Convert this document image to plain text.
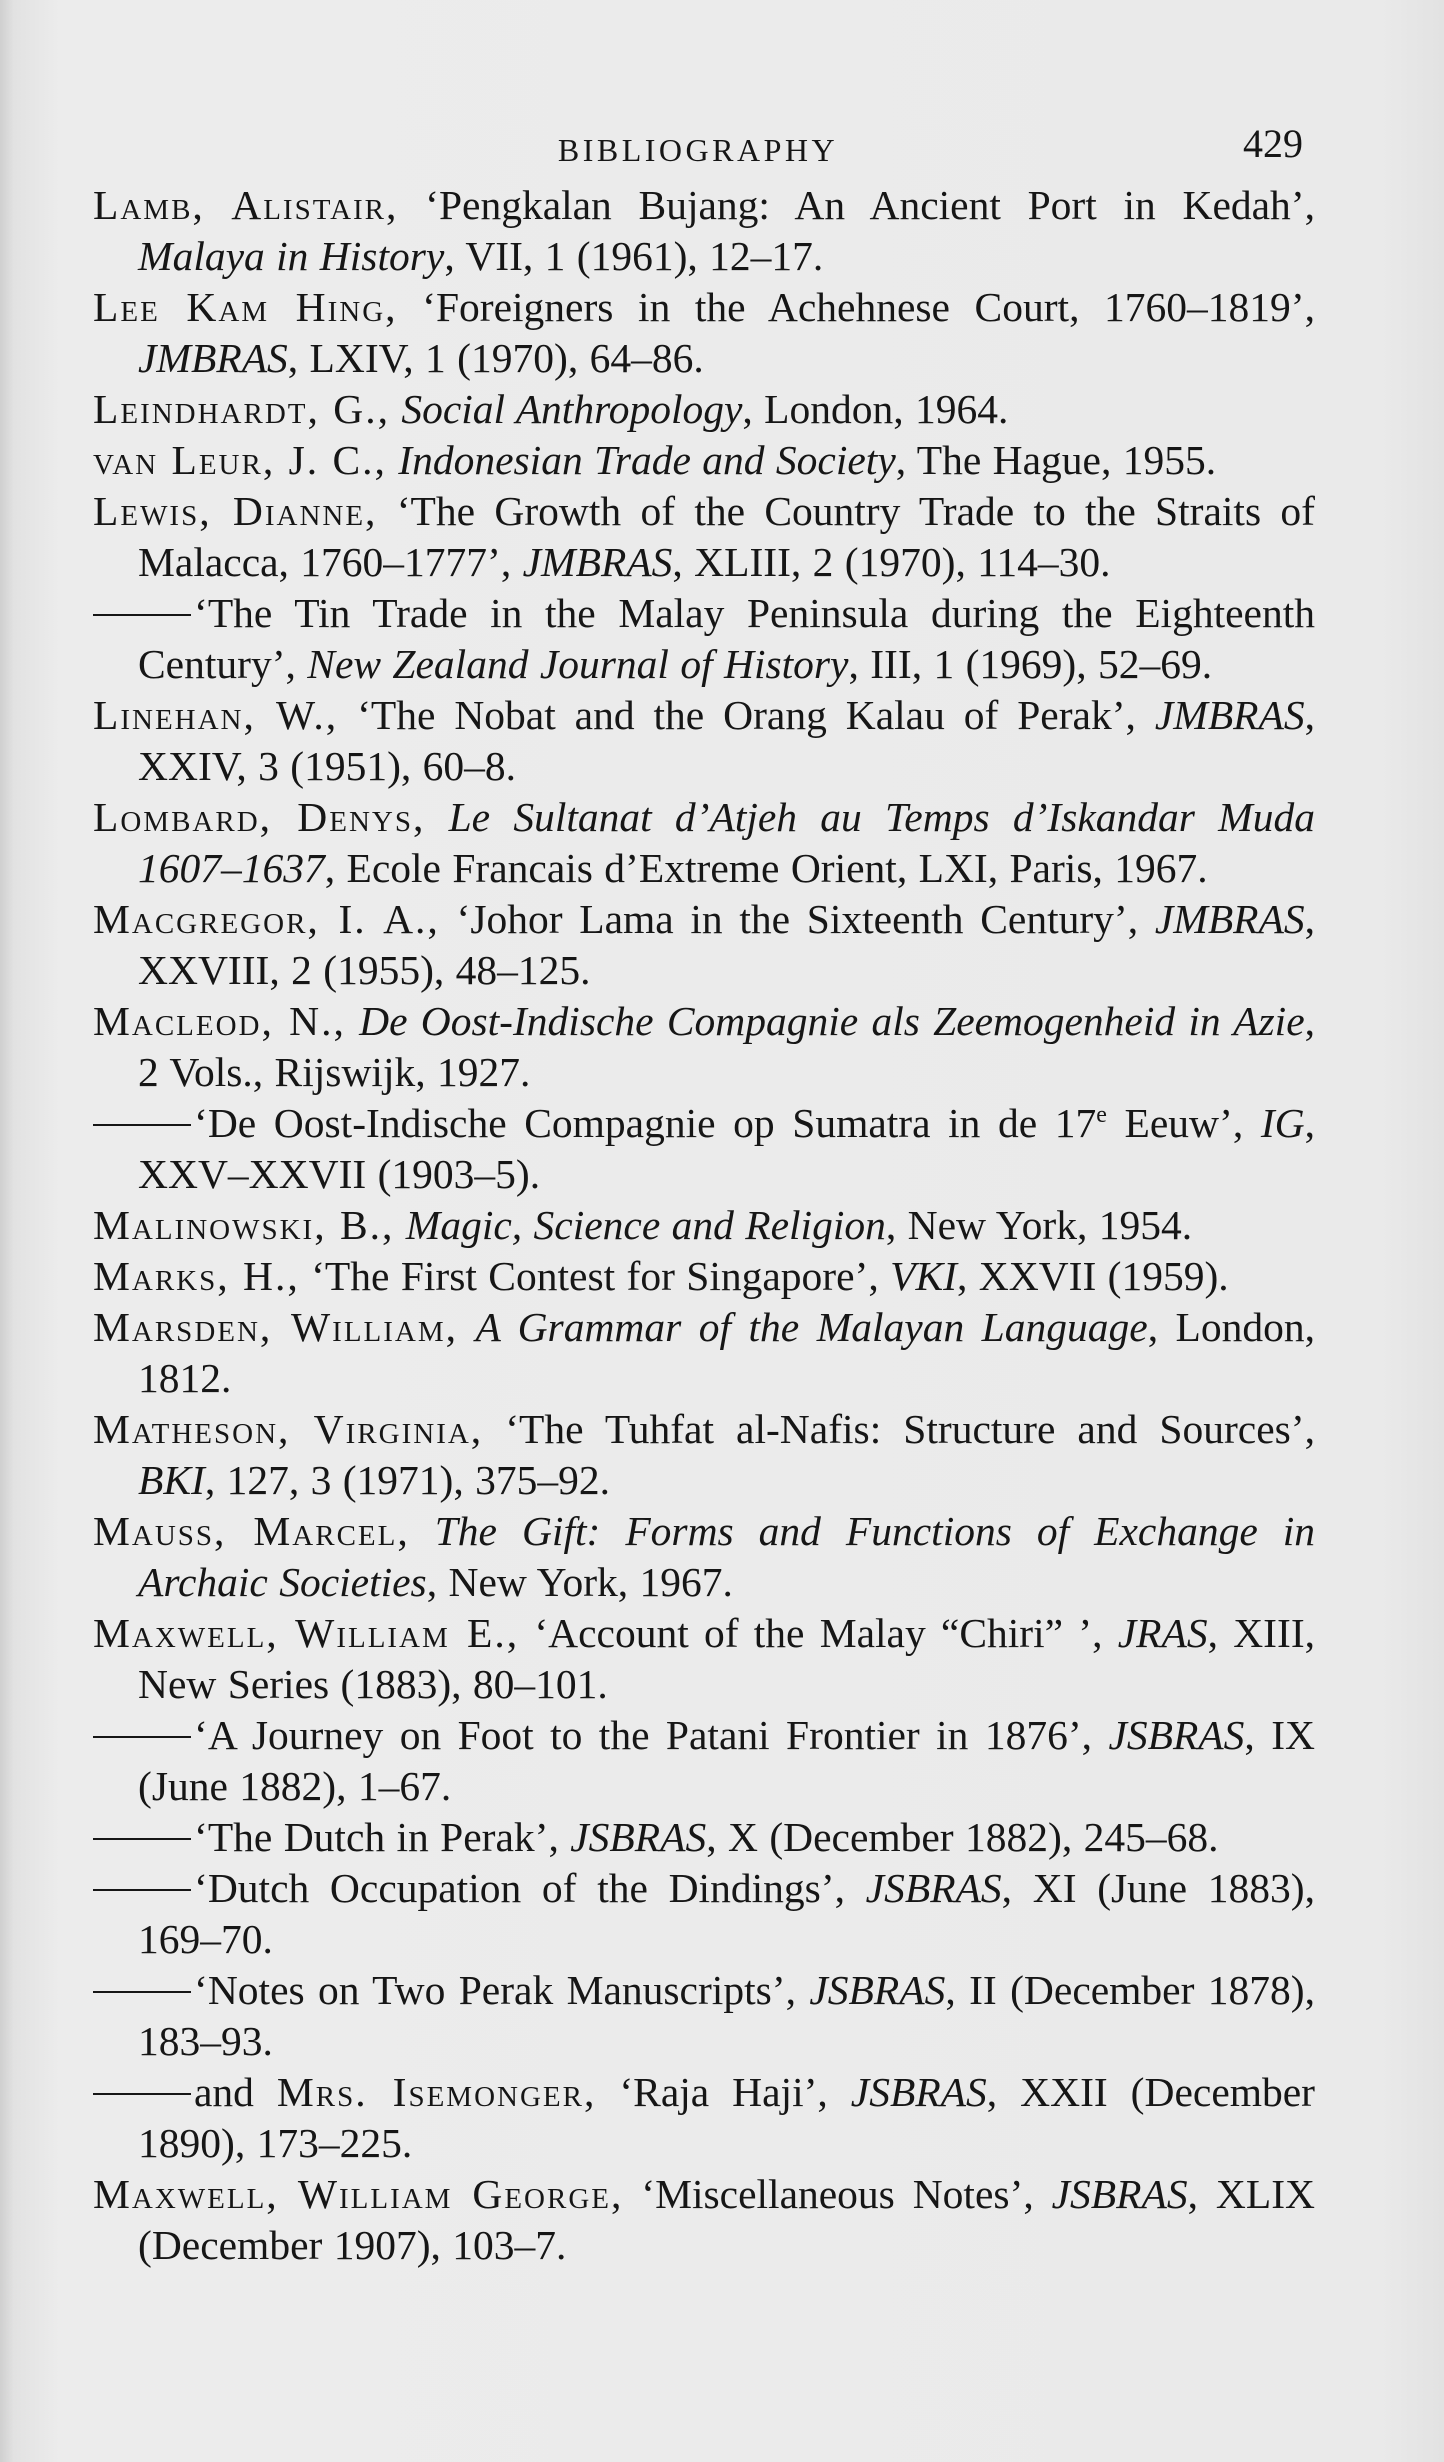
BIBLIOGRAPHY	429

Lamb, Alistair, ‘Pengkalan Bujang: An Ancient Port in Kedah’, Malaya in History, VII, 1 (1961), 12–17.

Lee Kam Hing, ‘Foreigners in the Achehnese Court, 1760–1819’, JMBRAS, LXIV, 1 (1970), 64–86.

Leindhardt, G., Social Anthropology, London, 1964.

van Leur, J. C., Indonesian Trade and Society, The Hague, 1955.

Lewis, Dianne, ‘The Growth of the Country Trade to the Straits of Malacca, 1760–1777’, JMBRAS, XLIII, 2 (1970), 114–30.

‘The Tin Trade in the Malay Peninsula during the Eighteenth Century’, New Zealand Journal of History, III, 1 (1969), 52–69.

Linehan, W., ‘The Nobat and the Orang Kalau of Perak’, JMBRAS, XXIV, 3 (1951), 60–8.

Lombard, Denys, Le Sultanat d’Atjeh au Temps d’Iskandar Muda 1607–1637, Ecole Francais d’Extreme Orient, LXI, Paris, 1967.

Macgregor, I. A., ‘Johor Lama in the Sixteenth Century’, JMBRAS, XXVIII, 2 (1955), 48–125.

Macleod, N., De Oost-Indische Compagnie als Zeemogenheid in Azie, 2 Vols., Rijswijk, 1927.

‘De Oost-Indische Compagnie op Sumatra in de 17e Eeuw’, IG, XXV–XXVII (1903–5).

Malinowski, B., Magic, Science and Religion, New York, 1954.

Marks, H., ‘The First Contest for Singapore’, VKI, XXVII (1959).

Marsden, William, A Grammar of the Malayan Language, London, 1812.

Matheson, Virginia, ‘The Tuhfat al-Nafis: Structure and Sources’, BKI, 127, 3 (1971), 375–92.

Mauss, Marcel, The Gift: Forms and Functions of Exchange in Archaic Societies, New York, 1967.

Maxwell, William E., ‘Account of the Malay “Chiri” ’, JRAS, XIII, New Series (1883), 80–101.

‘A Journey on Foot to the Patani Frontier in 1876’, JSBRAS, IX (June 1882), 1–67.

‘The Dutch in Perak’, JSBRAS, X (December 1882), 245–68.

‘Dutch Occupation of the Dindings’, JSBRAS, XI (June 1883), 169–70.

‘Notes on Two Perak Manuscripts’, JSBRAS, II (December 1878), 183–93.

and Mrs. Isemonger, ‘Raja Haji’, JSBRAS, XXII (December 1890), 173–225.

Maxwell, William George, ‘Miscellaneous Notes’, JSBRAS, XLIX (December 1907), 103–7.
